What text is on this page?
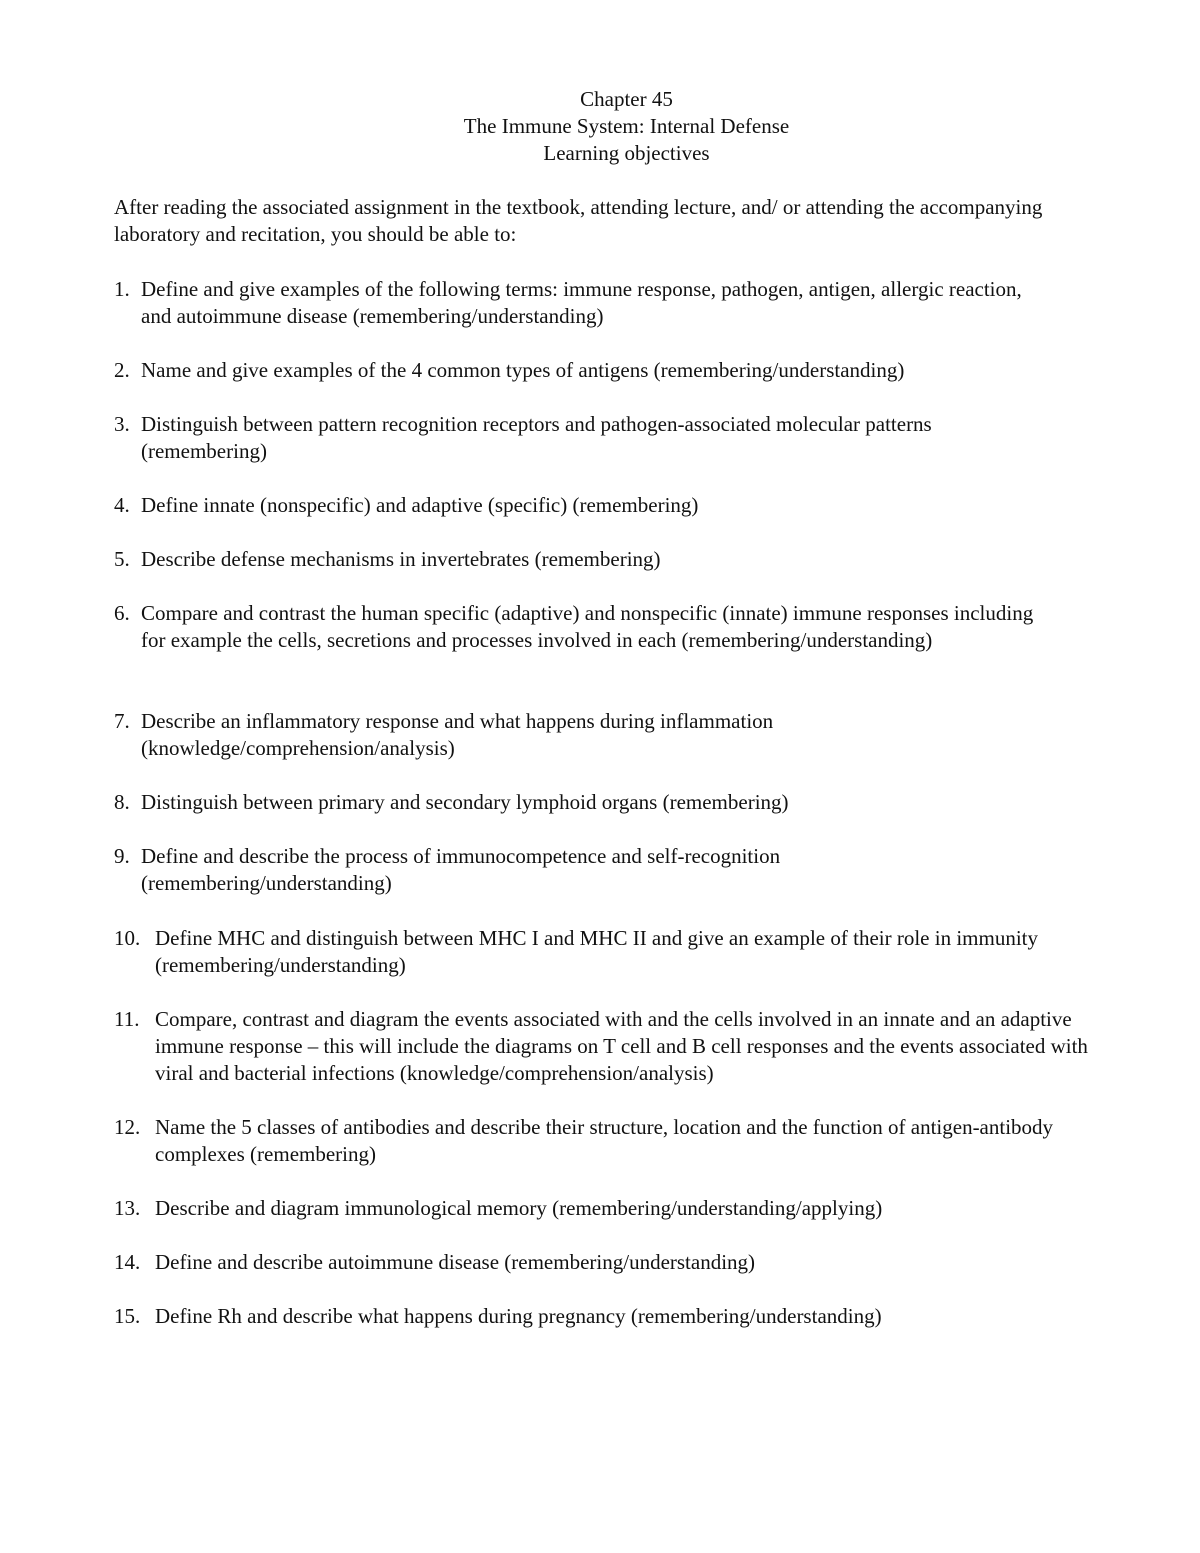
Chapter 45
The Immune System: Internal Defense
Learning objectives
After reading the associated assignment in the textbook, attending lecture, and/ or attending the accompanying laboratory and recitation, you should be able to:
1. Define and give examples of the following terms: immune response, pathogen, antigen, allergic reaction, and autoimmune disease (remembering/understanding)
2. Name and give examples of the 4 common types of antigens (remembering/understanding)
3. Distinguish between pattern recognition receptors and pathogen-associated molecular patterns (remembering)
4. Define innate (nonspecific) and adaptive (specific) (remembering)
5. Describe defense mechanisms in invertebrates (remembering)
6. Compare and contrast the human specific (adaptive) and nonspecific (innate) immune responses including for example the cells, secretions and processes involved in each (remembering/understanding)
7. Describe an inflammatory response and what happens during inflammation (knowledge/comprehension/analysis)
8. Distinguish between primary and secondary lymphoid organs (remembering)
9. Define and describe the process of immunocompetence and self-recognition (remembering/understanding)
10. Define MHC and distinguish between MHC I and MHC II and give an example of their role in immunity (remembering/understanding)
11. Compare, contrast and diagram the events associated with and the cells involved in an innate and an adaptive immune response – this will include the diagrams on T cell and B cell responses and the events associated with viral and bacterial infections (knowledge/comprehension/analysis)
12. Name the 5 classes of antibodies and describe their structure, location and the function of antigen-antibody complexes (remembering)
13. Describe and diagram immunological memory (remembering/understanding/applying)
14. Define and describe autoimmune disease (remembering/understanding)
15. Define Rh and describe what happens during pregnancy (remembering/understanding)
